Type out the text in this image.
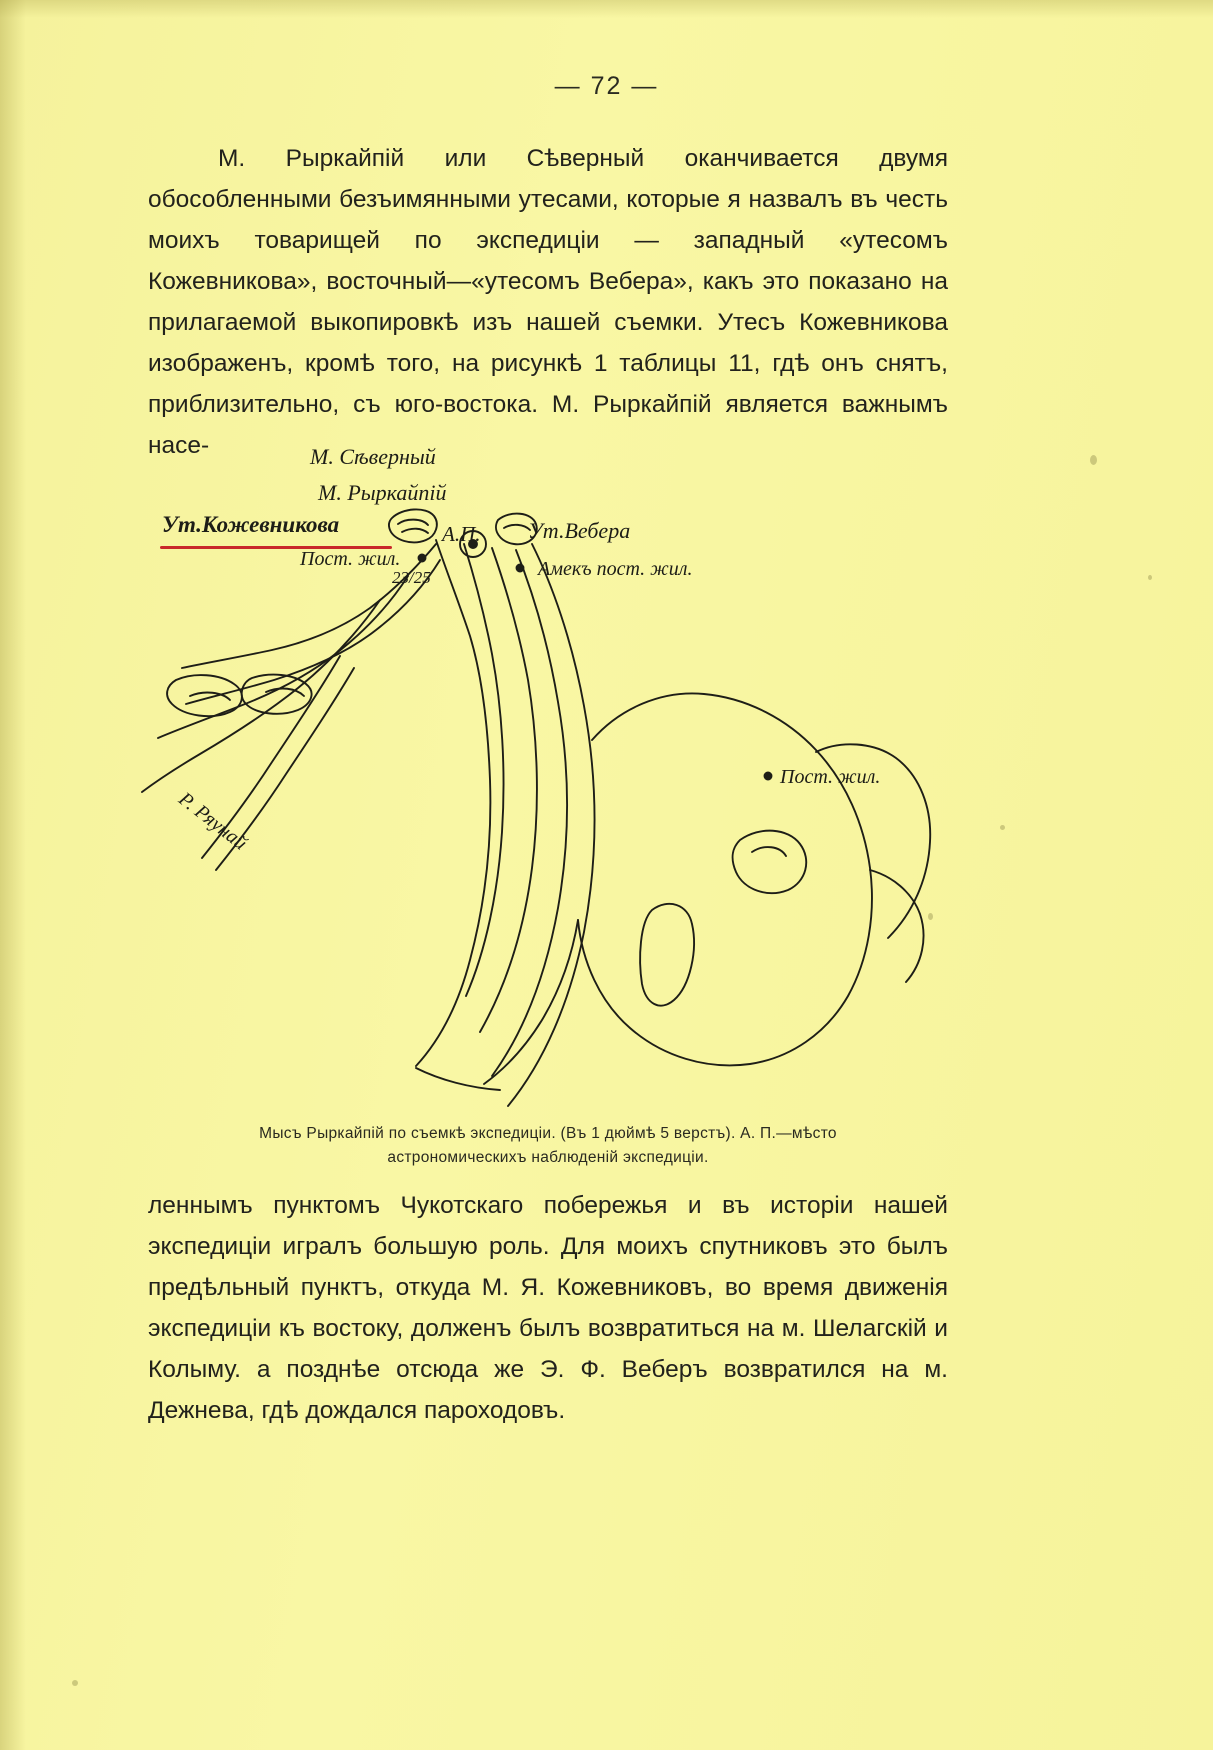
— 72 —

М. Рыркайпій или Сѣверный оканчивается двумя обособленными безъимянными утесами, которые я назвалъ въ честь моихъ товарищей по экспедиціи — западный «утесомъ Кожевникова», восточный—«утесомъ Вебера», какъ это показано на прилагаемой выкопировкѣ изъ нашей съемки. Утесъ Кожевникова изображенъ, кромѣ того, на рисункѣ 1 таблицы 11, гдѣ онъ снятъ, приблизительно, съ юго-востока. М. Рыркайпій является важнымъ насе-	М. Сѣверный
М. Рыркайпій
Ут.Кожевникова	А.П. Ут.Вебера
Пост. жил.
23/25	Амекъ пост. жил.
Пост. жил.
Р. Ряунай
Мысъ Рыркайпій по съемкѣ экспедиціи. (Въ 1 дюймѣ 5 верстъ). А. П.—мѣсто
астрономическихъ наблюденій экспедиціи.

леннымъ пунктомъ Чукотскаго побережья и въ исторіи нашей экспедиціи игралъ большую роль. Для моихъ спутниковъ это былъ предѣльный пунктъ, откуда М. Я. Кожевниковъ, во время движенія экспедиціи къ востоку, долженъ былъ возвратиться на м. Шелагскій и Колыму. а позднѣе отсюда же Э. Ф. Веберъ возвратился на м. Дежнева, гдѣ дождался пароходовъ.
